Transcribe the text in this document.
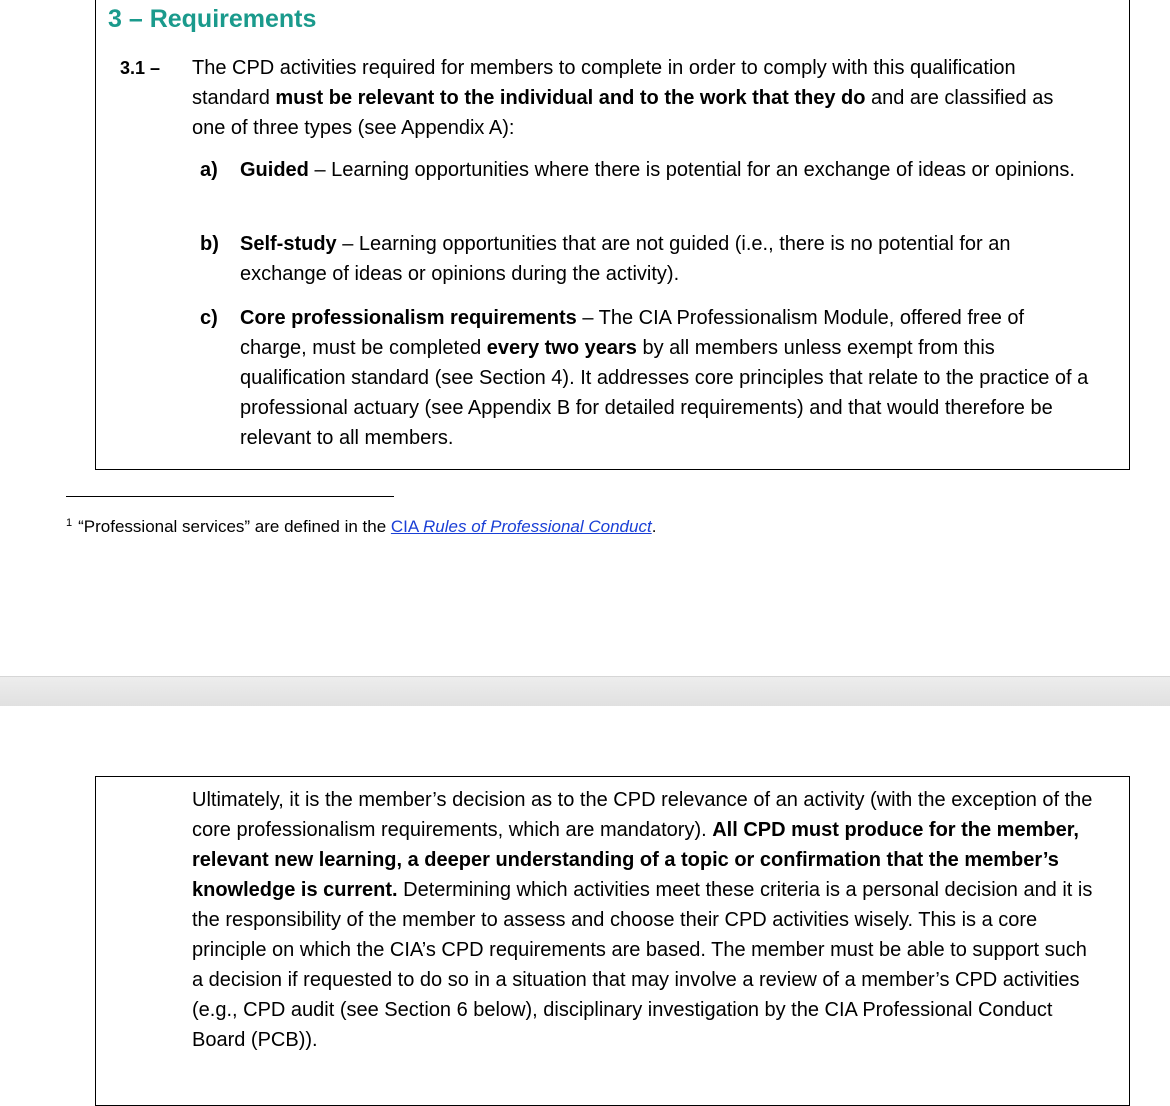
3 – Requirements
3.1 – The CPD activities required for members to complete in order to comply with this qualification standard must be relevant to the individual and to the work that they do and are classified as one of three types (see Appendix A):

a) Guided – Learning opportunities where there is potential for an exchange of ideas or opinions.

b) Self-study – Learning opportunities that are not guided (i.e., there is no potential for an exchange of ideas or opinions during the activity).

c) Core professionalism requirements – The CIA Professionalism Module, offered free of charge, must be completed every two years by all members unless exempt from this qualification standard (see Section 4). It addresses core principles that relate to the practice of a professional actuary (see Appendix B for detailed requirements) and that would therefore be relevant to all members.

$^1$ “Professional services” are defined in the CIA Rules of Professional Conduct.

Ultimately, it is the member’s decision as to the CPD relevance of an activity (with the exception of the core professionalism requirements, which are mandatory). All CPD must produce for the member, relevant new learning, a deeper understanding of a topic or confirmation that the member’s knowledge is current. Determining which activities meet these criteria is a personal decision and it is the responsibility of the member to assess and choose their CPD activities wisely. This is a core principle on which the CIA’s CPD requirements are based. The member must be able to support such a decision if requested to do so in a situation that may involve a review of a member’s CPD activities (e.g., CPD audit (see Section 6 below), disciplinary investigation by the CIA Professional Conduct Board (PCB)).
